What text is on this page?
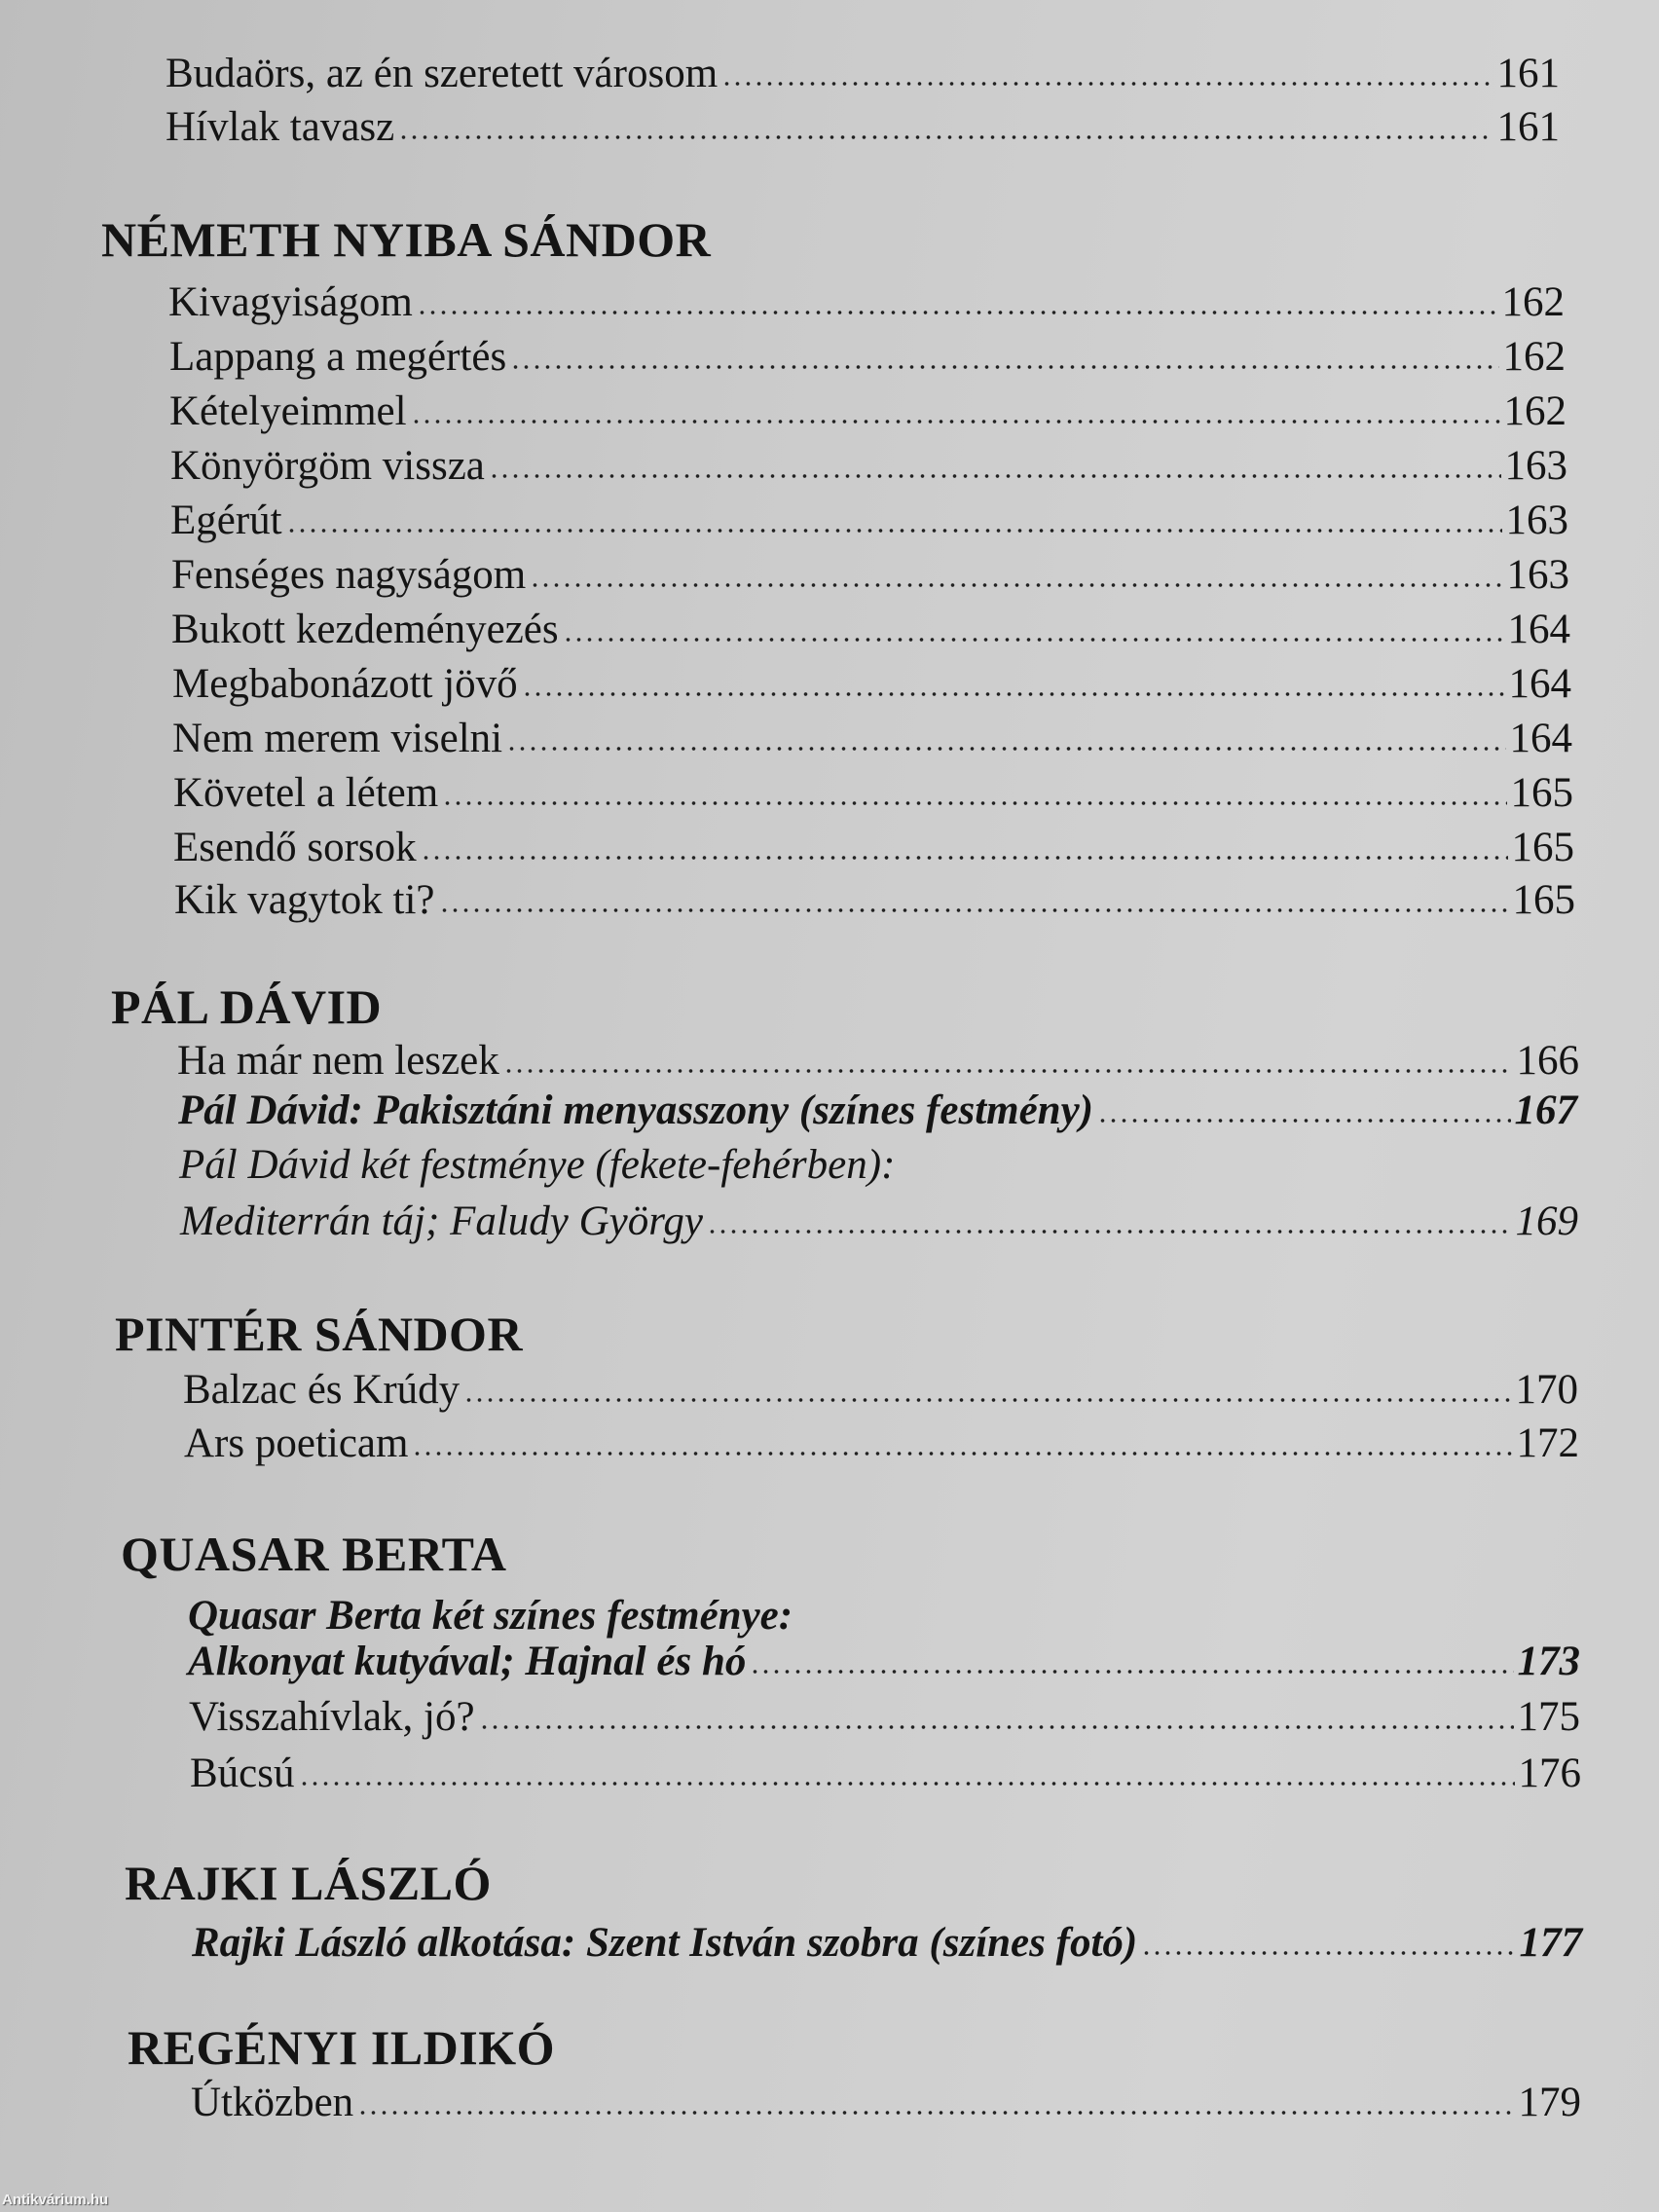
Budaörs, az én szeretett városom	161
Hívlak tavasz	161
NÉMETH NYIBA SÁNDOR
Kivagyiságom	162
Lappang a megértés	162
Kételyeimmel	162
Könyörgöm vissza	163
Egérút	163
Fenséges nagyságom	163
Bukott kezdeményezés	164
Megbabonázott jövő	164
Nem merem viselni	164
Követel a létem	165
Esendő sorsok	165
Kik vagytok ti?	165
PÁL DÁVID
Ha már nem leszek	166
Pál Dávid: Pakisztáni menyasszony (színes festmény)	167
Pál Dávid két festménye (fekete-fehérben):
Mediterrán táj; Faludy György	169
PINTÉR SÁNDOR
Balzac és Krúdy	170
Ars poeticam	172
QUASAR BERTA
Quasar Berta két színes festménye:
Alkonyat kutyával; Hajnal és hó	173
Visszahívlak, jó?	175
Búcsú	176
RAJKI LÁSZLÓ
Rajki László alkotása: Szent István szobra (színes fotó)	177
REGÉNYI ILDIKÓ
Útközben	179
Antikvárium.hu
